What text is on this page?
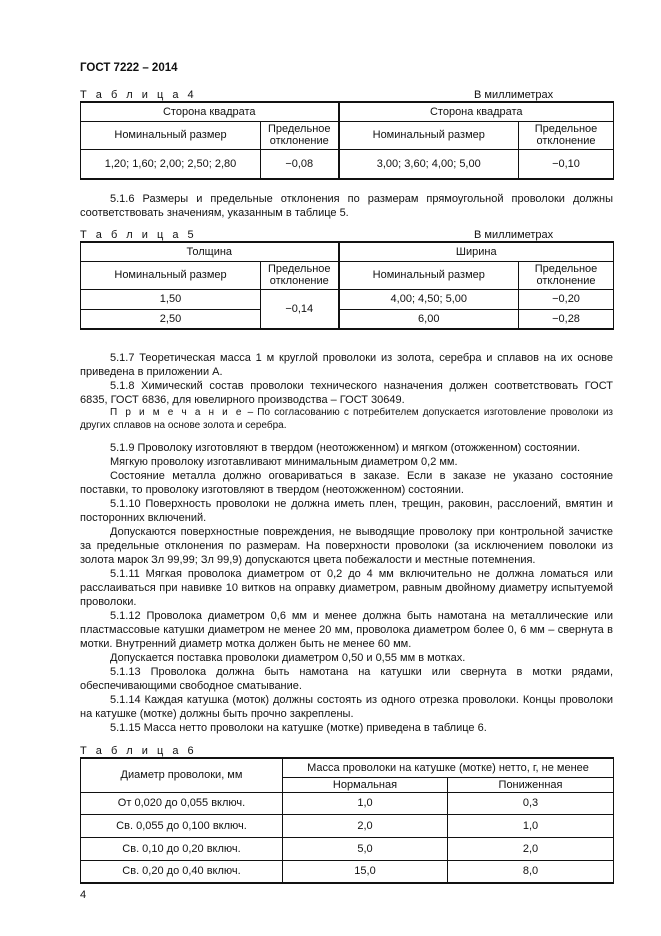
ГОСТ 7222 – 2014
Т а б л и ц а 4	В миллиметрах
Сторона квадрата		Сторона квадрата	
Номинальный размер	Предельное отклонение	Номинальный размер	Предельное отклонение
1,20; 1,60; 2,00; 2,50; 2,80	−0,08	3,00; 3,60; 4,00; 5,00	−0,10

5.1.6 Размеры и предельные отклонения по размерам прямоугольной проволоки должны соответствовать значениям, указанным в таблице 5.

Т а б л и ц а 5	В миллиметрах
Толщина		Ширина	
Номинальный размер	Предельное отклонение	Номинальный размер	Предельное отклонение
1,50	−0,14	4,00; 4,50; 5,00	−0,20
2,50		6,00	−0,28

5.1.7 Теоретическая масса 1 м круглой проволоки из золота, серебра и сплавов на их основе приведена в приложении А.

5.1.8 Химический состав проволоки технического назначения должен соответствовать ГОСТ 6835, ГОСТ 6836, для ювелирного производства – ГОСТ 30649.

П р и м е ч а н и е – По согласованию с потребителем допускается изготовление проволоки из других сплавов на основе золота и серебра.

5.1.9 Проволоку изготовляют в твердом (неотожженном) и мягком (отожженном) состоянии.

Мягкую проволоку изготавливают минимальным диаметром 0,2 мм.

Состояние металла должно оговариваться в заказе. Если в заказе не указано состояние поставки, то проволоку изготовляют в твердом (неотожженном) состоянии.

5.1.10 Поверхность проволоки не должна иметь плен, трещин, раковин, расслоений, вмятин и посторонних включений.

Допускаются поверхностные повреждения, не выводящие проволоку при контрольной зачистке за предельные отклонения по размерам. На поверхности проволоки (за исключением поволоки из золота марок Зл 99,99; Зл 99,9) допускаются цвета побежалости и местные потемнения.

5.1.11 Мягкая проволока диаметром от 0,2 до 4 мм включительно не должна ломаться или расслаиваться при навивке 10 витков на оправку диаметром, равным двойному диаметру испытуемой проволоки.

5.1.12 Проволока диаметром 0,6 мм и менее должна быть намотана на металлические или пластмассовые катушки диаметром не менее 20 мм, проволока диаметром более 0, 6 мм – свернута в мотки. Внутренний диаметр мотка должен быть не менее 60 мм.

Допускается поставка проволоки диаметром 0,50 и 0,55 мм в мотках.

5.1.13 Проволока должна быть намотана на катушки или свернута в мотки рядами, обеспечивающими свободное сматывание.

5.1.14 Каждая катушка (моток) должны состоять из одного отрезка проволоки. Концы проволоки на катушке (мотке) должны быть прочно закреплены.

5.1.15 Масса нетто проволоки на катушке (мотке) приведена в таблице 6.

Т а б л и ц а 6
Диаметр проволоки, мм	Масса проволоки на катушке (мотке) нетто, г, не менее	
	Нормальная	Пониженная
От 0,020 до 0,055 включ.	1,0	0,3
Св. 0,055 до 0,100 включ.	2,0	1,0
Св. 0,10 до 0,20 включ.	5,0	2,0
Св. 0,20 до 0,40 включ.	15,0	8,0
4
